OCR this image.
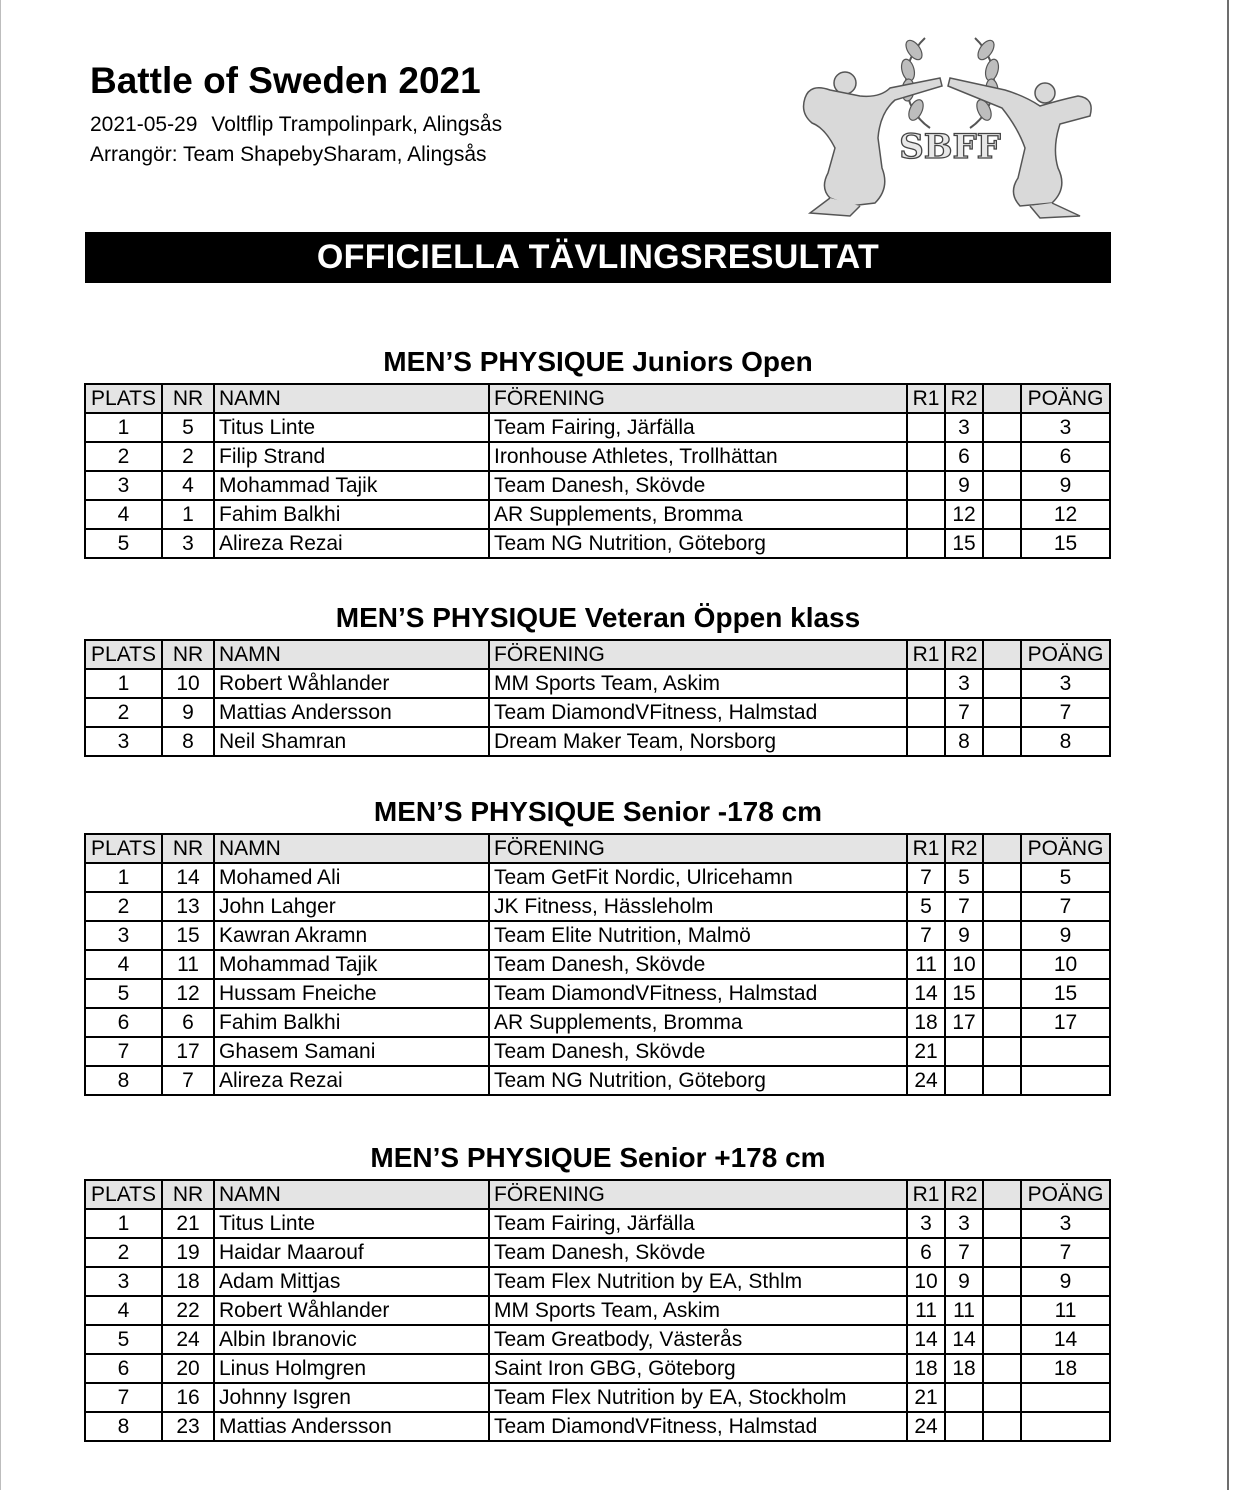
Battle of Sweden 2021
2021-05-29 Voltflip Trampolinpark, Alingsås
Arrangör: Team ShapebySharam, Alingsås	SBFF
OFFICIELLA TÄVLINGSRESULTAT
MEN’S PHYSIQUE Juniors Open
PLATS	NR	NAMN	FÖRENING	R1	R2		POÄNG
1	5	Titus Linte	Team Fairing, Järfälla		3		3
2	2	Filip Strand	Ironhouse Athletes, Trollhättan		6		6
3	4	Mohammad Tajik	Team Danesh, Skövde		9		9
4	1	Fahim Balkhi	AR Supplements, Bromma		12		12
5	3	Alireza Rezai	Team NG Nutrition, Göteborg		15		15
MEN’S PHYSIQUE Veteran Öppen klass
PLATS	NR	NAMN	FÖRENING	R1	R2		POÄNG
1	10	Robert Wåhlander	MM Sports Team, Askim		3		3
2	9	Mattias Andersson	Team DiamondVFitness, Halmstad		7		7
3	8	Neil Shamran	Dream Maker Team, Norsborg		8		8
MEN’S PHYSIQUE Senior -178 cm
PLATS	NR	NAMN	FÖRENING	R1	R2		POÄNG
1	14	Mohamed Ali	Team GetFit Nordic, Ulricehamn	7	5		5
2	13	John Lahger	JK Fitness, Hässleholm	5	7		7
3	15	Kawran Akramn	Team Elite Nutrition, Malmö	7	9		9
4	11	Mohammad Tajik	Team Danesh, Skövde	11	10		10
5	12	Hussam Fneiche	Team DiamondVFitness, Halmstad	14	15		15
6	6	Fahim Balkhi	AR Supplements, Bromma	18	17		17
7	17	Ghasem Samani	Team Danesh, Skövde	21			
8	7	Alireza Rezai	Team NG Nutrition, Göteborg	24			
MEN’S PHYSIQUE Senior +178 cm
PLATS	NR	NAMN	FÖRENING	R1	R2		POÄNG
1	21	Titus Linte	Team Fairing, Järfälla	3	3		3
2	19	Haidar Maarouf	Team Danesh, Skövde	6	7		7
3	18	Adam Mittjas	Team Flex Nutrition by EA, Sthlm	10	9		9
4	22	Robert Wåhlander	MM Sports Team, Askim	11	11		11
5	24	Albin Ibranovic	Team Greatbody, Västerås	14	14		14
6	20	Linus Holmgren	Saint Iron GBG, Göteborg	18	18		18
7	16	Johnny Isgren	Team Flex Nutrition by EA, Stockholm	21			
8	23	Mattias Andersson	Team DiamondVFitness, Halmstad	24			
